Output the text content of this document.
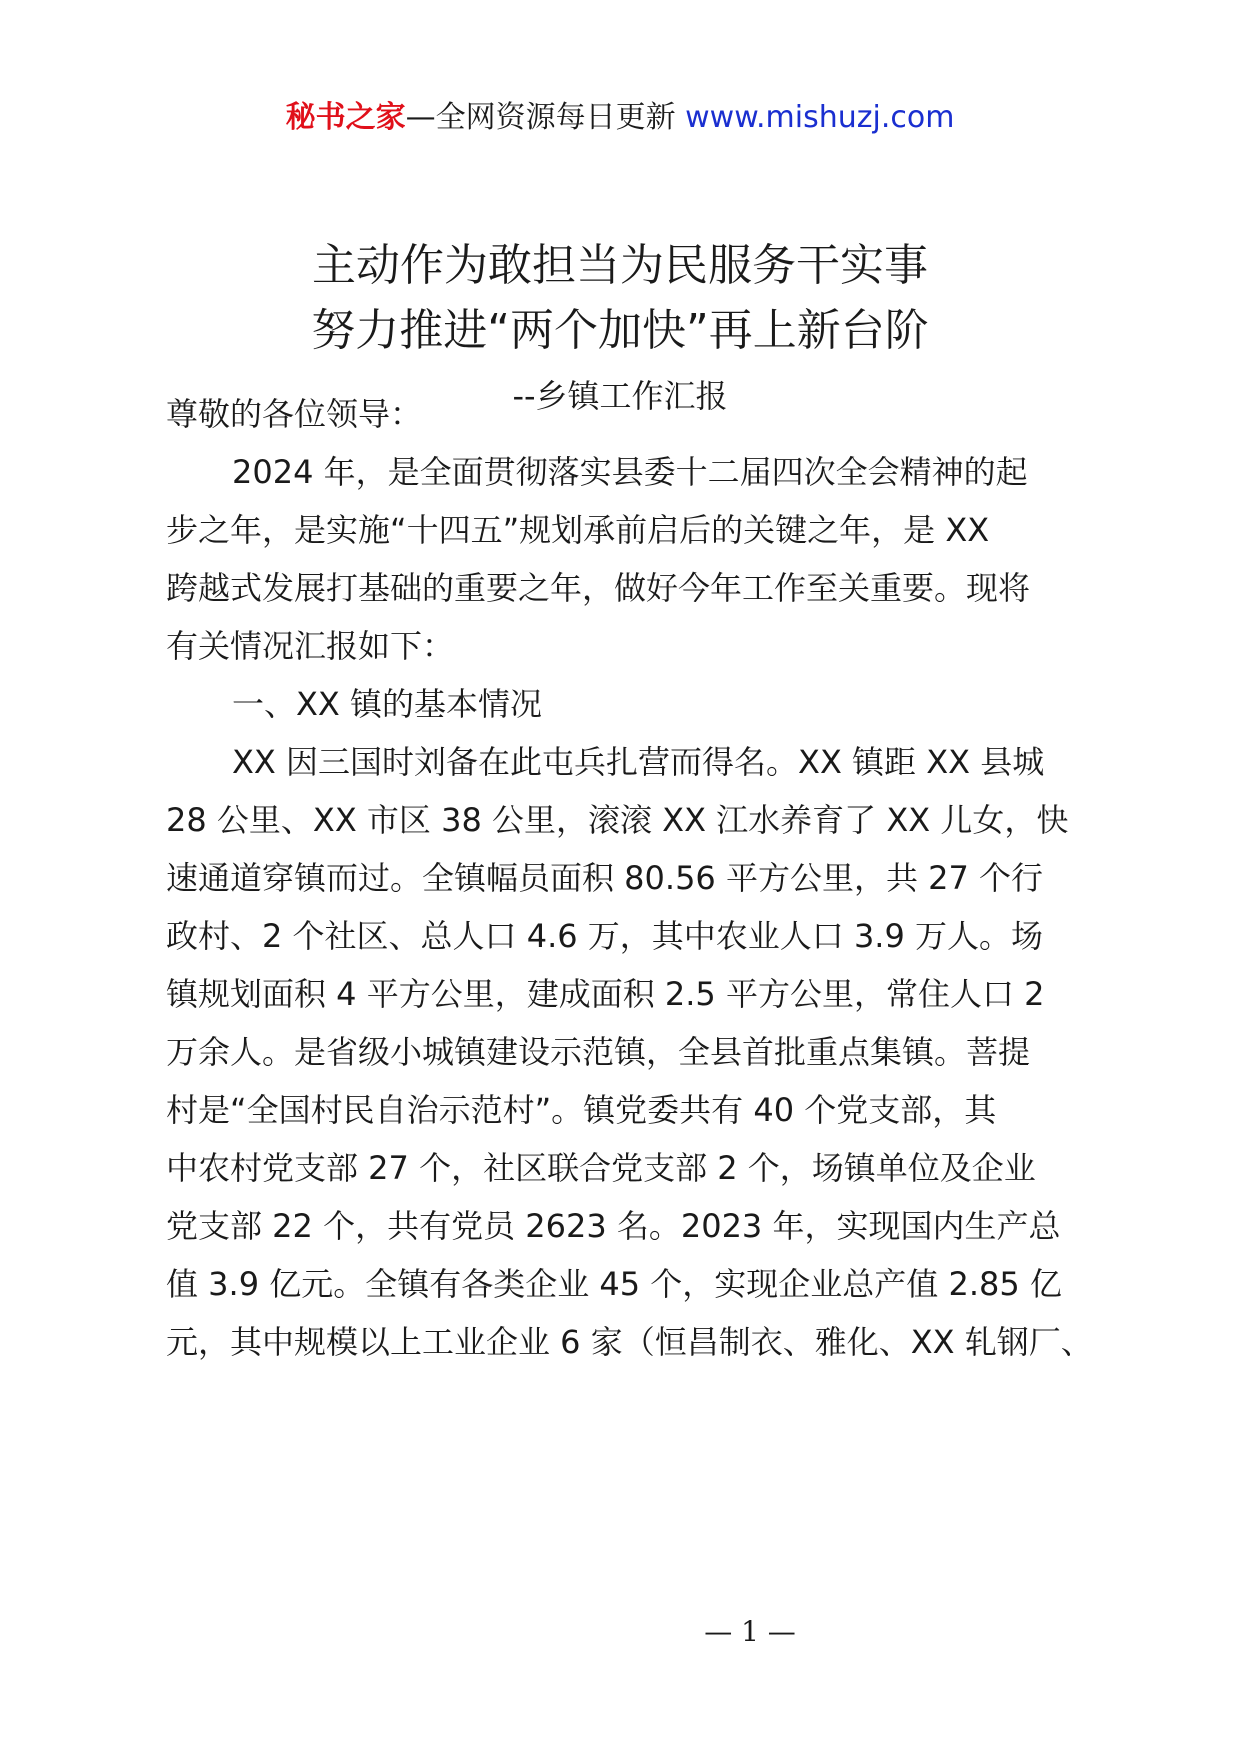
秘书之家—全网资源每日更新 www.mishuzj.com
主动作为敢担当为民服务干实事
努力推进“两个加快”再上新台阶
--乡镇工作汇报
尊敬的各位领导：
2024 年，是全面贯彻落实县委十二届四次全会精神的起
步之年，是实施“十四五”规划承前启后的关键之年，是 XX
跨越式发展打基础的重要之年，做好今年工作至关重要。现将
有关情况汇报如下：
一、XX 镇的基本情况
XX 因三国时刘备在此屯兵扎营而得名。XX 镇距 XX 县城
28 公里、XX 市区 38 公里，滚滚 XX 江水养育了 XX 儿女，快
速通道穿镇而过。全镇幅员面积 80.56 平方公里，共 27 个行
政村、2 个社区、总人口 4.6 万，其中农业人口 3.9 万人。场
镇规划面积 4 平方公里，建成面积 2.5 平方公里，常住人口 2
万余人。是省级小城镇建设示范镇，全县首批重点集镇。菩提
村是“全国村民自治示范村”。镇党委共有 40 个党支部，其
中农村党支部 27 个，社区联合党支部 2 个，场镇单位及企业
党支部 22 个，共有党员 2623 名。2023 年，实现国内生产总
值 3.9 亿元。全镇有各类企业 45 个，实现企业总产值 2.85 亿
元，其中规模以上工业企业 6 家（恒昌制衣、雅化、XX 轧钢厂、
— 1 —
